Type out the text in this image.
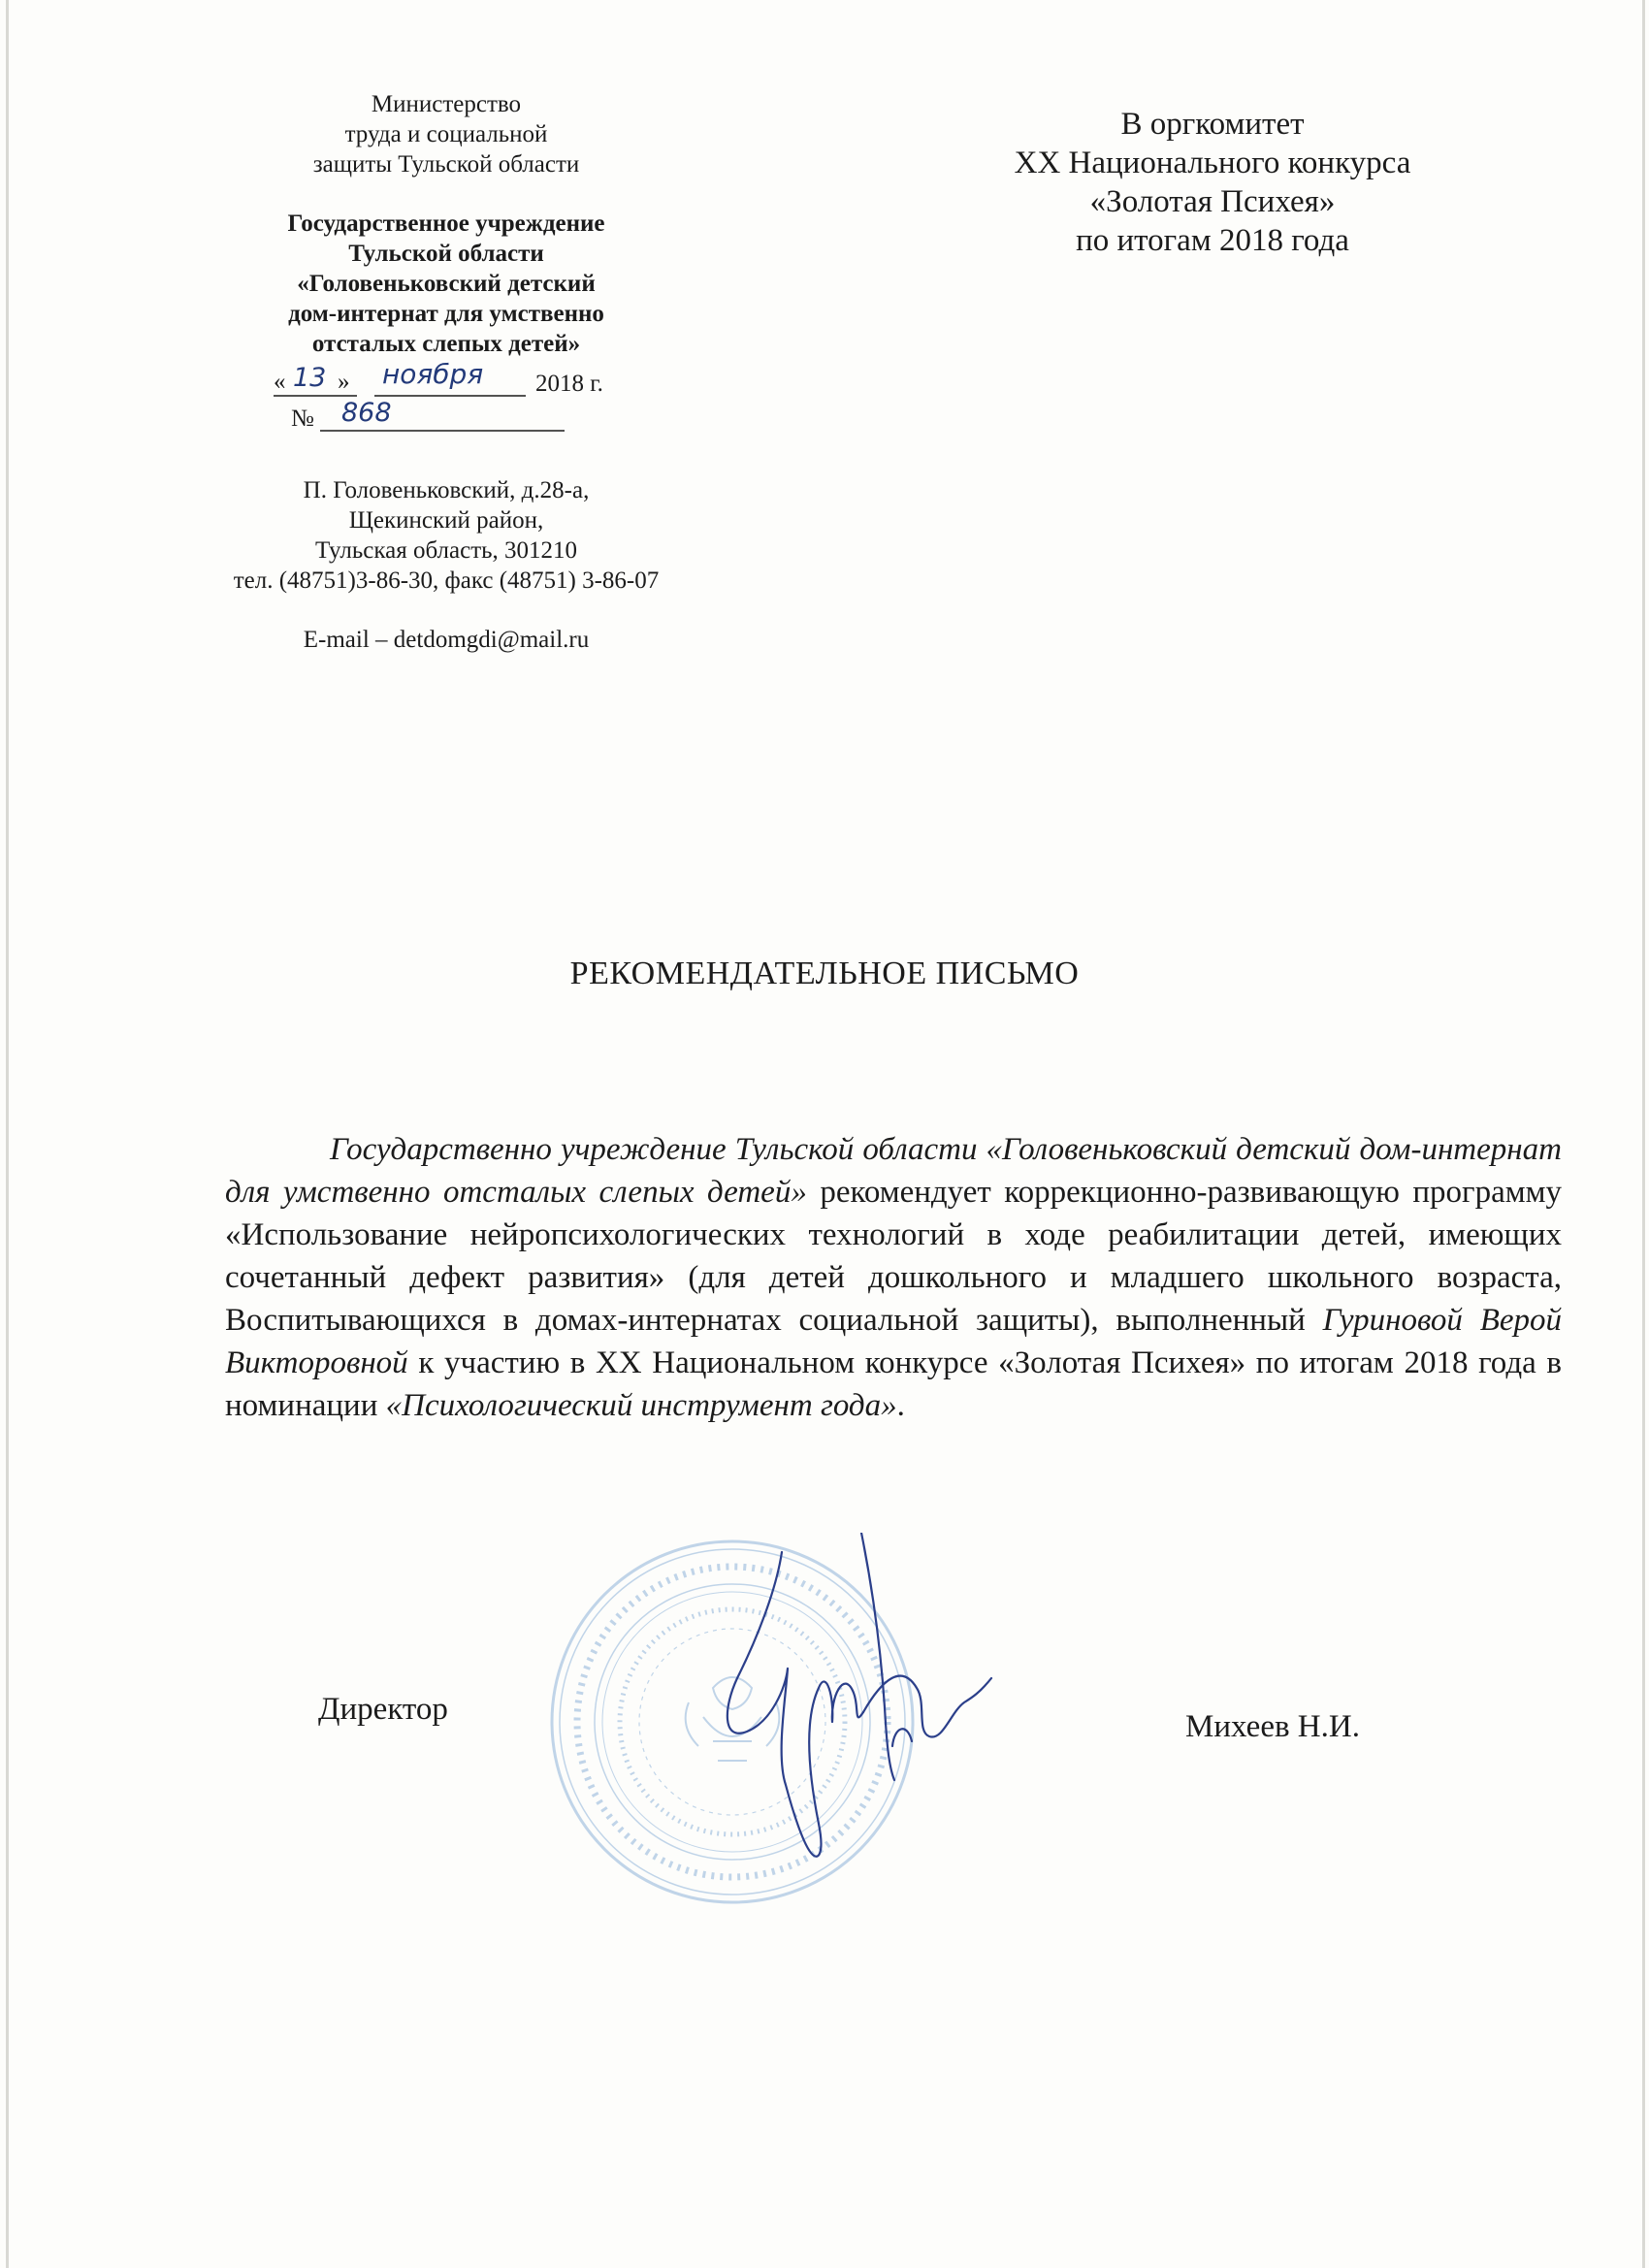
Министерство
труда и социальной
защиты Тульской области
Государственное учреждение
Тульской области
«Головеньковский детский
дом-интернат для умственно
отсталых слепых детей»
« 13 » ноября 2018 г.
№ 868
П. Головеньковский, д.28-а,
Щекинский район,
Тульская область, 301210
тел. (48751)3-86-30, факс (48751) 3-86-07
E-mail – detdomgdi@mail.ru
В оргкомитет
XX Национального конкурса
«Золотая Психея»
по итогам 2018 года
РЕКОМЕНДАТЕЛЬНОЕ ПИСЬМО

Государственно учреждение Тульской области «Головеньковский детский дом-интернат для умственно отсталых слепых детей» рекомендует коррекционно-развивающую программу «Использование нейропсихологических технологий в ходе реабилитации детей, имеющих сочетанный дефект развития» (для детей дошкольного и младшего школьного возраста, Воспитывающихся в домах-интернатах социальной защиты), выполненный Гуриновой Верой Викторовной к участию в XX Национальном конкурсе «Золотая Психея» по итогам 2018 года в номинации «Психологический инструмент года».

Директор	Михеев Н.И.
